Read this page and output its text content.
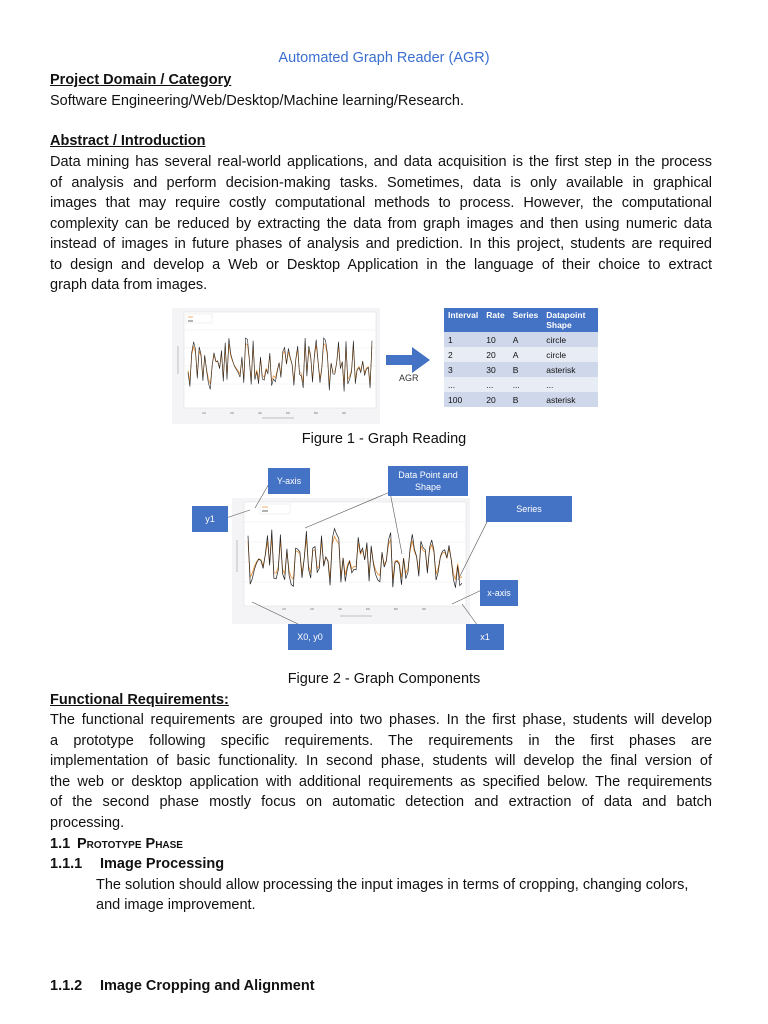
Automated Graph Reader (AGR)
Project Domain / Category
Software Engineering/Web/Desktop/Machine learning/Research.
Abstract / Introduction
Data mining has several real-world applications, and data acquisition is the first step in the process
of analysis and perform decision-making tasks. Sometimes, data is only available in graphical
images that may require costly computational methods to process. However, the computational
complexity can be reduced by extracting the data from graph images and then using numeric data
instead of images in future phases of analysis and prediction. In this project, students are required
to design and develop a Web or Desktop Application in the language of their choice to extract
graph data from images.
10	20	40	60	80	90
AGR
Interval	Rate	Series	Datapoint Shape
1	10	A	circle
2	20	A	circle
3	30	B	asterisk
...	...	...	...
100	20	B	asterisk
Figure 1 - Graph Reading
10	20	40	60	80	90
Y-axis
Data Point and Shape
y1
Series
x-axis
X0, y0	x1
Figure 2 - Graph Components
Functional Requirements:
The functional requirements are grouped into two phases. In the first phase, students will develop
a prototype following specific requirements. The requirements in the first phases are
implementation of basic functionality. In second phase, students will develop the final version of
the web or desktop application with additional requirements as specified below. The requirements
of the second phase mostly focus on automatic detection and extraction of data and batch
processing.
1.1 Prototype Phase
1.1.1 Image Processing
The solution should allow processing the input images in terms of cropping, changing colors,
and image improvement.
1.1.2 Image Cropping and Alignment
